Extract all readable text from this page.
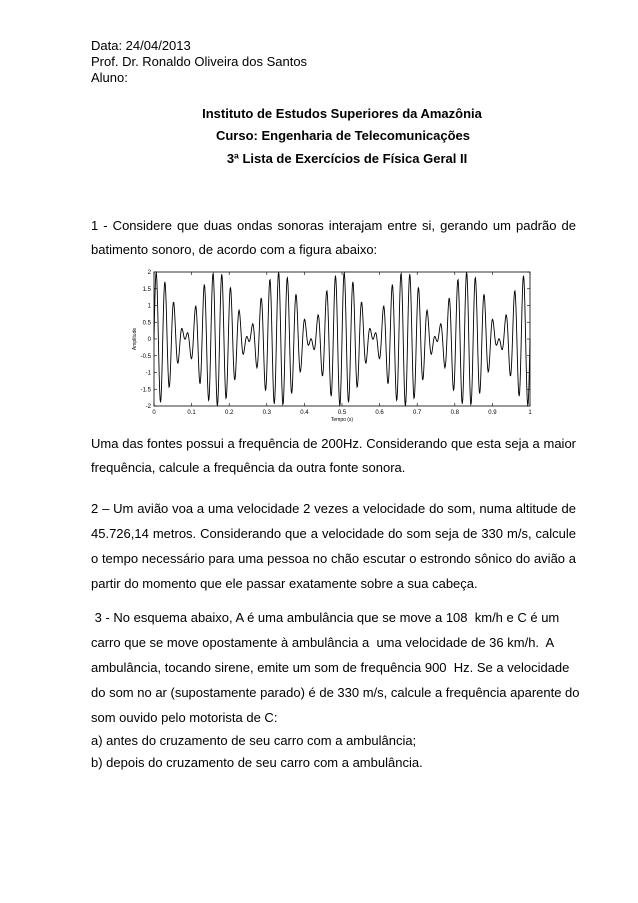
Data: 24/04/2013
Prof. Dr. Ronaldo Oliveira dos Santos
Aluno:
Instituto de Estudos Superiores da Amazônia
Curso: Engenharia de Telecomunicações
3ª Lista de Exercícios de Física Geral II
1 - Considere que duas ondas sonoras interajam entre si, gerando um padrão de
batimento sonoro, de acordo com a figura abaixo:
0	0.1	0.2	0.3	0.4	0.5	0.6	0.7	0.8	0.9	1
2
1.5
1
0.5
0
-0.5
-1
-1.5
-2
Tempo (s)
Amplitude
Uma das fontes possui a frequência de 200Hz. Considerando que esta seja a maior
frequência, calcule a frequência da outra fonte sonora.
2 – Um avião voa a uma velocidade 2 vezes a velocidade do som, numa altitude de
45.726,14 metros. Considerando que a velocidade do som seja de 330 m/s, calcule
o tempo necessário para uma pessoa no chão escutar o estrondo sônico do avião a
partir do momento que ele passar exatamente sobre a sua cabeça.
3 - No esquema abaixo, A é uma ambulância que se move a 108  km/h e C é um
carro que se move opostamente à ambulância a  uma velocidade de 36 km/h.  A
ambulância, tocando sirene, emite um som de frequência 900  Hz. Se a velocidade
do som no ar (supostamente parado) é de 330 m/s, calcule a frequência aparente do
som ouvido pelo motorista de C:
a) antes do cruzamento de seu carro com a ambulância;
b) depois do cruzamento de seu carro com a ambulância.
